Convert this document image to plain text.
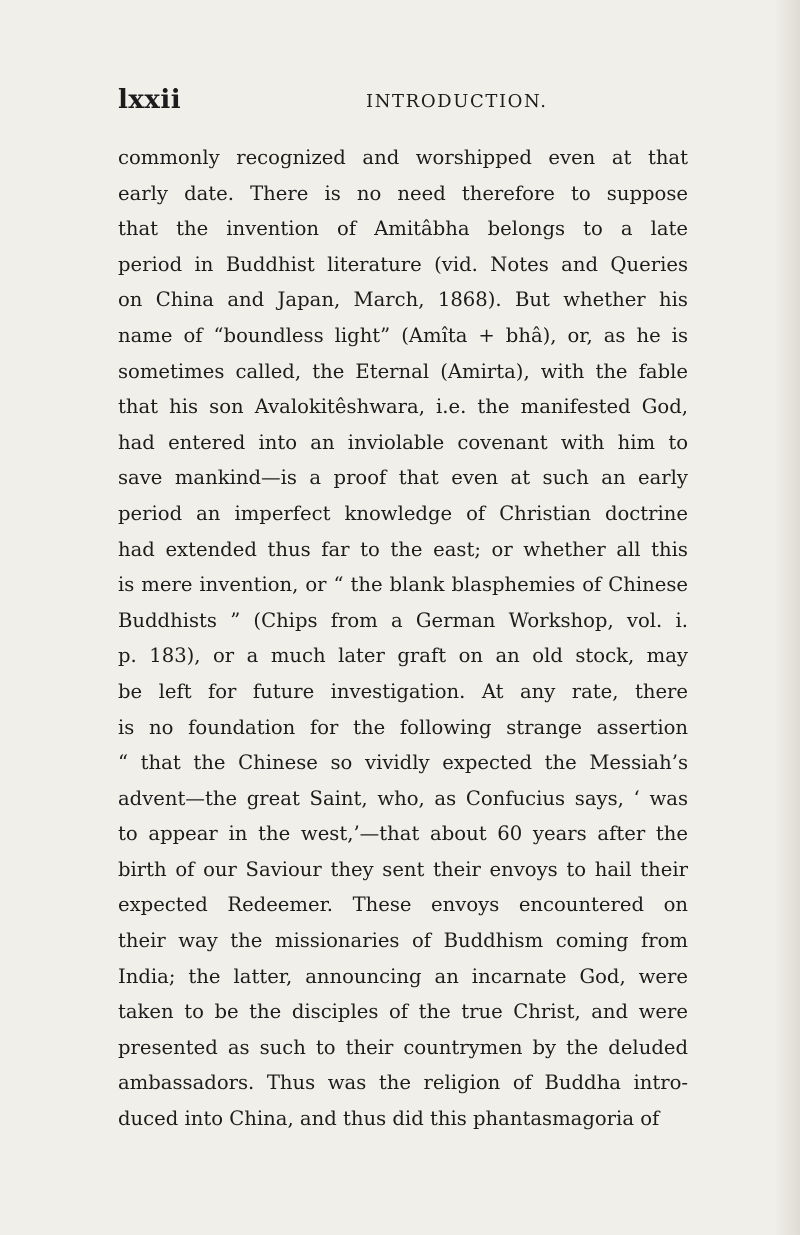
lxxii	INTRODUCTION.
commonly recognized and worshipped even at that
early date. There is no need therefore to suppose
that the invention of Amitâbha belongs to a late
period in Buddhist literature (vid. Notes and Queries
on China and Japan, March, 1868). But whether his
name of “boundless light” (Amîta + bhâ), or, as he is
sometimes called, the Eternal (Amirta), with the fable
that his son Avalokitêshwara, i.e. the manifested God,
had entered into an inviolable covenant with him to
save mankind—is a proof that even at such an early
period an imperfect knowledge of Christian doctrine
had extended thus far to the east; or whether all this
is mere invention, or “ the blank blasphemies of Chinese
Buddhists ” (Chips from a German Workshop, vol. i.
p. 183), or a much later graft on an old stock, may
be left for future investigation. At any rate, there
is no foundation for the following strange assertion
“ that the Chinese so vividly expected the Messiah’s
advent—the great Saint, who, as Confucius says, ‘ was
to appear in the west,’—that about 60 years after the
birth of our Saviour they sent their envoys to hail their
expected Redeemer. These envoys encountered on
their way the missionaries of Buddhism coming from
India; the latter, announcing an incarnate God, were
taken to be the disciples of the true Christ, and were
presented as such to their countrymen by the deluded
ambassadors. Thus was the religion of Buddha intro-
duced into China, and thus did this phantasmagoria of
